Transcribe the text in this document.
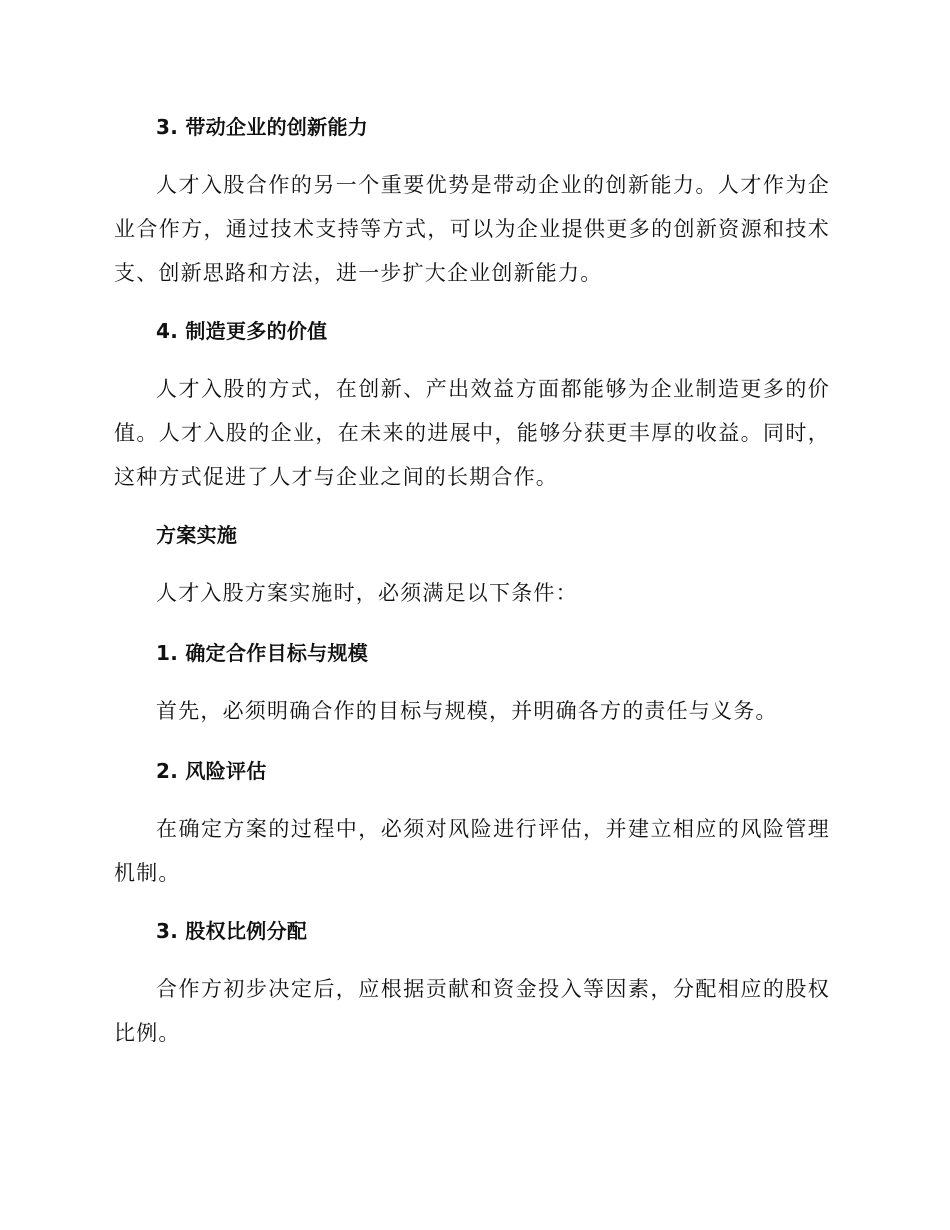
3. 带动企业的创新能力

人才入股合作的另一个重要优势是带动企业的创新能力。人才作为企业合作方，通过技术支持等方式，可以为企业提供更多的创新资源和技术支、创新思路和方法，进一步扩大企业创新能力。

4. 制造更多的价值

人才入股的方式，在创新、产出效益方面都能够为企业制造更多的价值。人才入股的企业，在未来的进展中，能够分获更丰厚的收益。同时，这种方式促进了人才与企业之间的长期合作。

方案实施

人才入股方案实施时，必须满足以下条件：

1. 确定合作目标与规模

首先，必须明确合作的目标与规模，并明确各方的责任与义务。

2. 风险评估

在确定方案的过程中，必须对风险进行评估，并建立相应的风险管理机制。

3. 股权比例分配

合作方初步决定后，应根据贡献和资金投入等因素，分配相应的股权比例。
